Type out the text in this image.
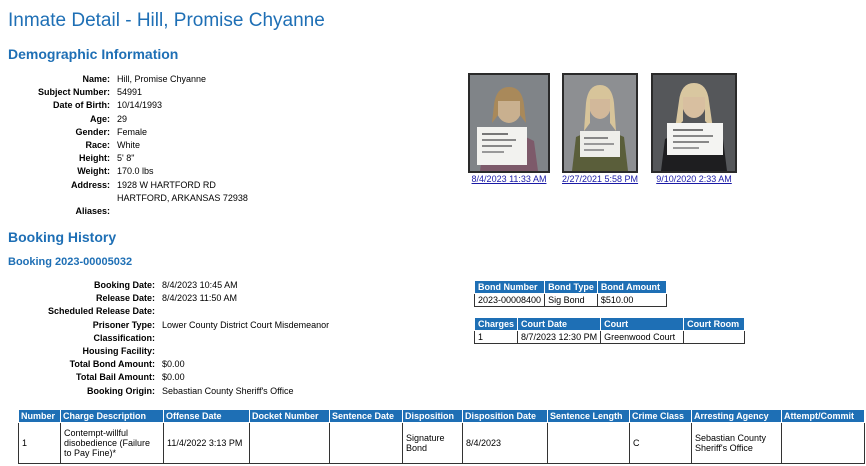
Inmate Detail - Hill, Promise Chyanne
Demographic Information
Name:	Hill, Promise Chyanne
Subject Number:	54991
Date of Birth:	10/14/1993
Age:	29
Gender:	Female
Race:	White
Height:	5' 8"
Weight:	170.0 lbs
Address:	1928 W HARTFORD RD
HARTFORD, ARKANSAS 72938

Aliases:	
8/4/2023 11:33 AM	2/27/2021 5:58 PM	9/10/2020 2:33 AM
Booking History
Booking 2023-00005032
Booking Date:	8/4/2023 10:45 AM
Release Date:	8/4/2023 11:50 AM
Scheduled Release Date:	
Prisoner Type:	Lower County District Court Misdemeanor
Classification:	
Housing Facility:	
Total Bond Amount:	$0.00
Total Bail Amount:	$0.00
Booking Origin:	Sebastian County Sheriff's Office
Bond Number	Bond Type	Bond Amount
2023-00008400	Sig Bond	$510.00
Charges	Court Date	Court	Court Room
1	8/7/2023 12:30 PM	Greenwood Court	
Number	Charge Description	Offense Date	Docket Number	Sentence Date	Disposition	Disposition Date	Sentence Length	Crime Class	Arresting Agency	Attempt/Commit
1	Contempt-willful disobedience (Failure to Pay Fine)*	11/4/2022 3:13 PM			Signature Bond	8/4/2023		C	Sebastian County Sheriff's Office	
